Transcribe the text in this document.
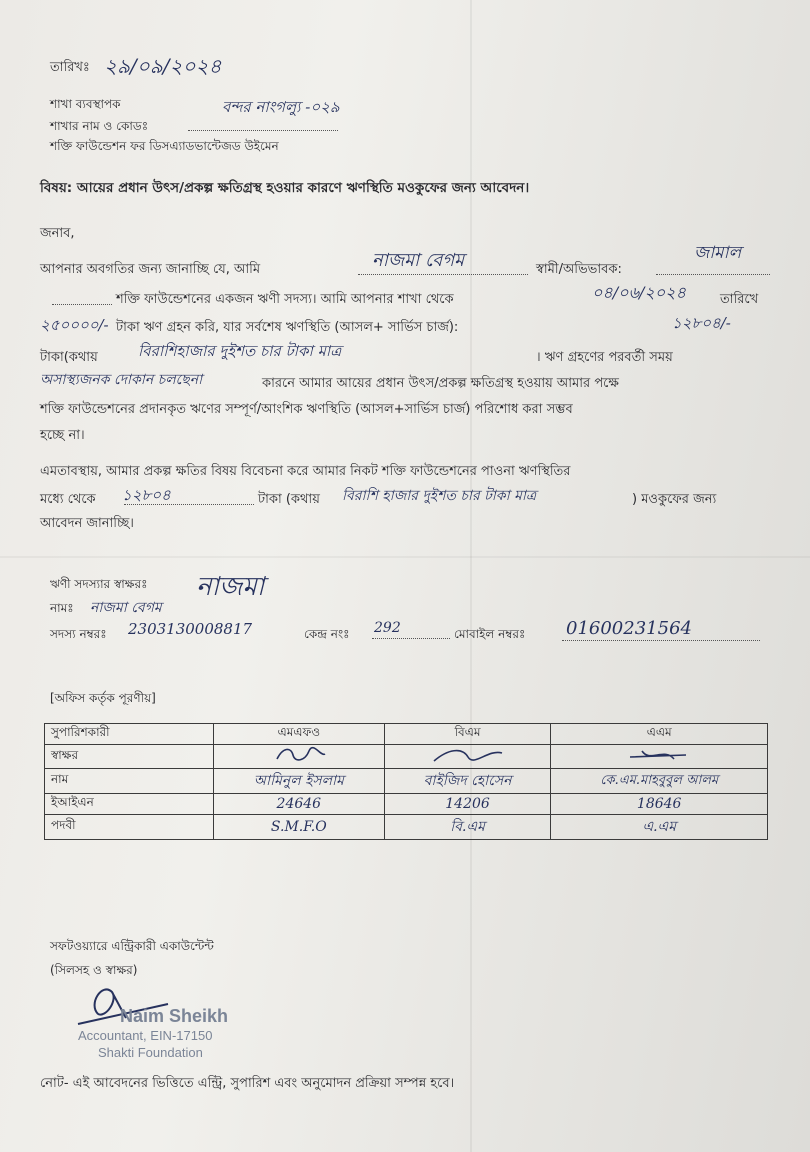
তারিখঃ ২৯/০৯/২০২৪
শাখা ব্যবস্থাপক
শাখার নাম ও কোডঃ
বন্দর নাংগল্যু -০২৯
শক্তি ফাউন্ডেশন ফর ডিসএ্যাডভান্টেজড উইমেন
বিষয়: আয়ের প্রধান উৎস/প্রকল্প ক্ষতিগ্রস্থ হওয়ার কারণে ঋণস্থিতি মওকুফের জন্য আবেদন।
জনাব,
আপনার অবগতির জন্য জানাচ্ছি যে, আমি	নাজমা বেগম	স্বামী/অভিভাবক:
জামাল
শক্তি ফাউন্ডেশনের একজন ঋণী সদস্য। আমি আপনার শাখা থেকে	০৪/০৬/২০২৪	তারিখে
২৫০০০০/- টাকা ঋণ গ্রহন করি, যার সর্বশেষ ঋণস্থিতি (আসল+ সার্ভিস চার্জ):	১২৮০৪/-
টাকা(কথায়	বিরাশিহাজার দুইশত চার টাকা মাত্র	। ঋণ গ্রহণের পরবর্তী সময়
অসাস্থ্যজনক দোকান চলছেনা	কারনে আমার আয়ের প্রধান উৎস/প্রকল্প ক্ষতিগ্রস্থ হওয়ায় আমার পক্ষে
শক্তি ফাউন্ডেশনের প্রদানকৃত ঋণের সম্পূর্ণ/আংশিক ঋণস্থিতি (আসল+সার্ভিস চার্জ) পরিশোধ করা সম্ভব
হচ্ছে না।
এমতাবস্থায়, আমার প্রকল্প ক্ষতির বিষয় বিবেচনা করে আমার নিকট শক্তি ফাউন্ডেশনের পাওনা ঋণস্থিতির
মধ্যে থেকে ১২৮০৪	টাকা (কথায় বিরাশি হাজার দুইশত চার টাকা মাত্র	) মওকুফের জন্য
আবেদন জানাচ্ছি।
ঋণী সদস্যার স্বাক্ষরঃ নাজমা
নামঃ নাজমা বেগম
সদস্য নম্বরঃ 2303130008817	কেন্দ্র নংঃ 292	মোবাইল নম্বরঃ 01600231564
[অফিস কর্তৃক পূরণীয়]
সুপারিশকারী	এমএফও	বিএম	এএম
স্বাক্ষর			
নাম	আমিনুল ইসলাম	বাইজিদ হোসেন	কে.এম.মাহবুবুল আলম
ইআইএন	24646	14206	18646
পদবী	S.M.F.O	বি.এম	এ.এম
সফটওয়্যারে এন্ট্রিকারী একাউন্টেন্ট
(সিলসহ ও স্বাক্ষর)
Naim Sheikh
Accountant, EIN-17150
Shakti Foundation
নোট- এই আবেদনের ভিত্তিতে এন্ট্রি, সুপারিশ এবং অনুমোদন প্রক্রিয়া সম্পন্ন হবে।
